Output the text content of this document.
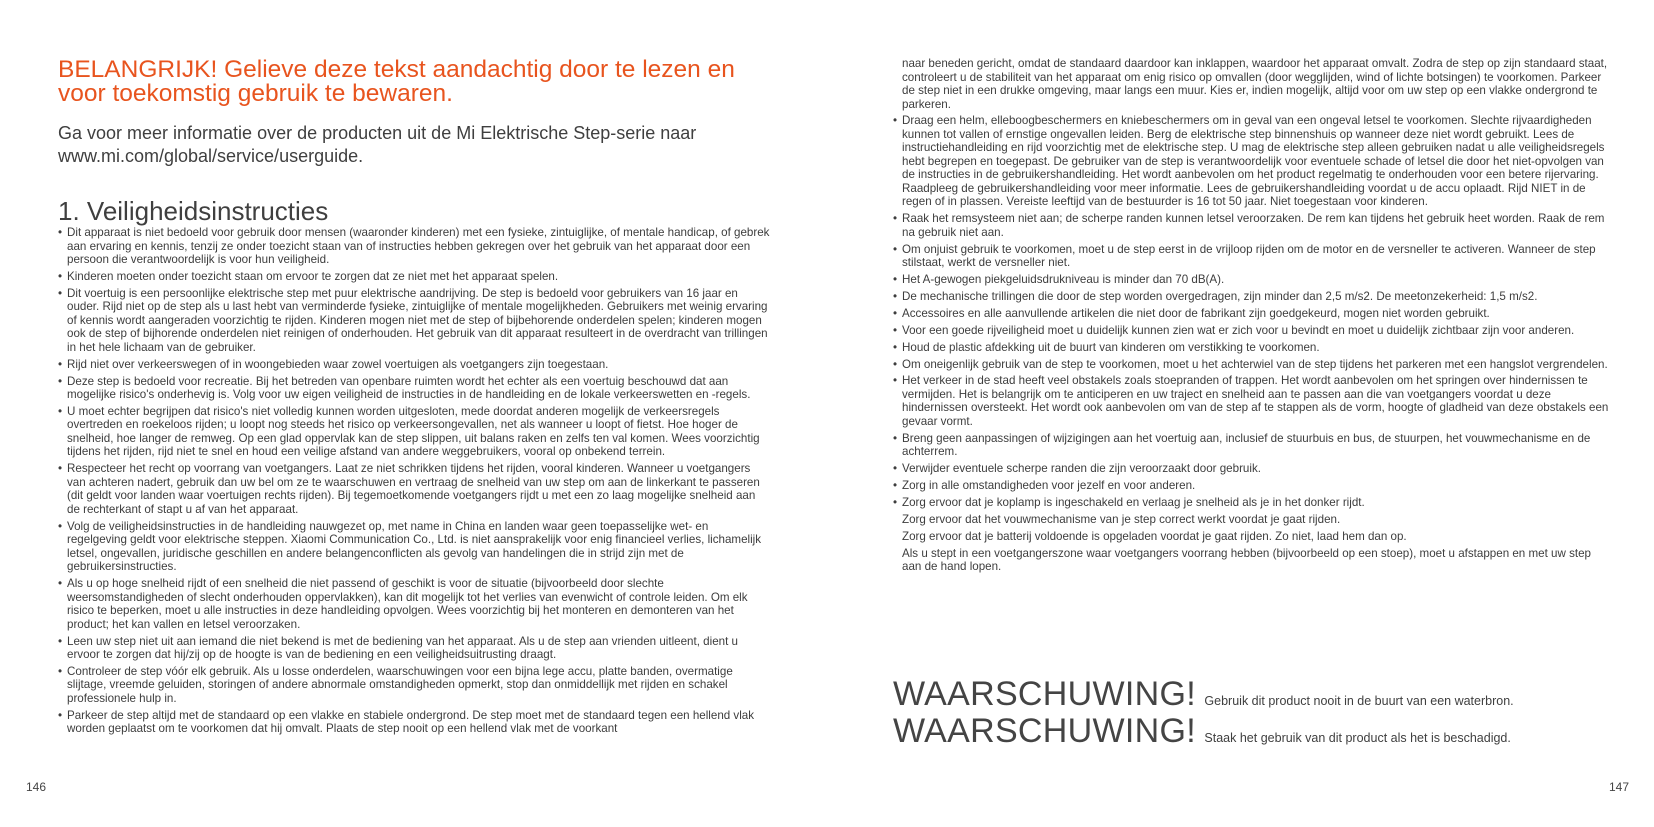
BELANGRIJK! Gelieve deze tekst aandachtig door te lezen en voor toekomstig gebruik te bewaren.

Ga voor meer informatie over de producten uit de Mi Elektrische Step-serie naar www.mi.com/global/service/userguide.

1. Veiligheidsinstructies
• Dit apparaat is niet bedoeld voor gebruik door mensen (waaronder kinderen) met een fysieke, zintuiglijke, of mentale handicap, of gebrek aan ervaring en kennis, tenzij ze onder toezicht staan van of instructies hebben gekregen over het gebruik van het apparaat door een persoon die verantwoordelijk is voor hun veiligheid.
• Kinderen moeten onder toezicht staan om ervoor te zorgen dat ze niet met het apparaat spelen.
• Dit voertuig is een persoonlijke elektrische step met puur elektrische aandrijving. De step is bedoeld voor gebruikers van 16 jaar en ouder. Rijd niet op de step als u last hebt van verminderde fysieke, zintuiglijke of mentale mogelijkheden. Gebruikers met weinig ervaring of kennis wordt aangeraden voorzichtig te rijden. Kinderen mogen niet met de step of bijbehorende onderdelen spelen; kinderen mogen ook de step of bijhorende onderdelen niet reinigen of onderhouden. Het gebruik van dit apparaat resulteert in de overdracht van trillingen in het hele lichaam van de gebruiker.
• Rijd niet over verkeerswegen of in woongebieden waar zowel voertuigen als voetgangers zijn toegestaan.
• Deze step is bedoeld voor recreatie. Bij het betreden van openbare ruimten wordt het echter als een voertuig beschouwd dat aan mogelijke risico's onderhevig is. Volg voor uw eigen veiligheid de instructies in de handleiding en de lokale verkeerswetten en -regels.
• U moet echter begrijpen dat risico's niet volledig kunnen worden uitgesloten, mede doordat anderen mogelijk de verkeersregels overtreden en roekeloos rijden; u loopt nog steeds het risico op verkeersongevallen, net als wanneer u loopt of fietst. Hoe hoger de snelheid, hoe langer de remweg. Op een glad oppervlak kan de step slippen, uit balans raken en zelfs ten val komen. Wees voorzichtig tijdens het rijden, rijd niet te snel en houd een veilige afstand van andere weggebruikers, vooral op onbekend terrein.
• Respecteer het recht op voorrang van voetgangers. Laat ze niet schrikken tijdens het rijden, vooral kinderen. Wanneer u voetgangers van achteren nadert, gebruik dan uw bel om ze te waarschuwen en vertraag de snelheid van uw step om aan de linkerkant te passeren (dit geldt voor landen waar voertuigen rechts rijden). Bij tegemoetkomende voetgangers rijdt u met een zo laag mogelijke snelheid aan de rechterkant of stapt u af van het apparaat.
• Volg de veiligheidsinstructies in de handleiding nauwgezet op, met name in China en landen waar geen toepasselijke wet- en regelgeving geldt voor elektrische steppen. Xiaomi Communication Co., Ltd. is niet aansprakelijk voor enig financieel verlies, lichamelijk letsel, ongevallen, juridische geschillen en andere belangenconflicten als gevolg van handelingen die in strijd zijn met de gebruikersinstructies.
• Als u op hoge snelheid rijdt of een snelheid die niet passend of geschikt is voor de situatie (bijvoorbeeld door slechte weersomstandigheden of slecht onderhouden oppervlakken), kan dit mogelijk tot het verlies van evenwicht of controle leiden. Om elk risico te beperken, moet u alle instructies in deze handleiding opvolgen. Wees voorzichtig bij het monteren en demonteren van het product; het kan vallen en letsel veroorzaken.
• Leen uw step niet uit aan iemand die niet bekend is met de bediening van het apparaat. Als u de step aan vrienden uitleent, dient u ervoor te zorgen dat hij/zij op de hoogte is van de bediening en een veiligheidsuitrusting draagt.
• Controleer de step vóór elk gebruik. Als u losse onderdelen, waarschuwingen voor een bijna lege accu, platte banden, overmatige slijtage, vreemde geluiden, storingen of andere abnormale omstandigheden opmerkt, stop dan onmiddellijk met rijden en schakel professionele hulp in.
• Parkeer de step altijd met de standaard op een vlakke en stabiele ondergrond. De step moet met de standaard tegen een hellend vlak worden geplaatst om te voorkomen dat hij omvalt. Plaats de step nooit op een hellend vlak met de voorkant
146
naar beneden gericht, omdat de standaard daardoor kan inklappen, waardoor het apparaat omvalt. Zodra de step op zijn standaard staat, controleert u de stabiliteit van het apparaat om enig risico op omvallen (door wegglijden, wind of lichte botsingen) te voorkomen. Parkeer de step niet in een drukke omgeving, maar langs een muur. Kies er, indien mogelijk, altijd voor om uw step op een vlakke ondergrond te parkeren.
• Draag een helm, elleboogbeschermers en kniebeschermers om in geval van een ongeval letsel te voorkomen. Slechte rijvaardigheden kunnen tot vallen of ernstige ongevallen leiden. Berg de elektrische step binnenshuis op wanneer deze niet wordt gebruikt. Lees de instructiehandleiding en rijd voorzichtig met de elektrische step. U mag de elektrische step alleen gebruiken nadat u alle veiligheidsregels hebt begrepen en toegepast. De gebruiker van de step is verantwoordelijk voor eventuele schade of letsel die door het niet-opvolgen van de instructies in de gebruikershandleiding. Het wordt aanbevolen om het product regelmatig te onderhouden voor een betere rijervaring. Raadpleeg de gebruikershandleiding voor meer informatie. Lees de gebruikershandleiding voordat u de accu oplaadt. Rijd NIET in de regen of in plassen. Vereiste leeftijd van de bestuurder is 16 tot 50 jaar. Niet toegestaan voor kinderen.
• Raak het remsysteem niet aan; de scherpe randen kunnen letsel veroorzaken. De rem kan tijdens het gebruik heet worden. Raak de rem na gebruik niet aan.
• Om onjuist gebruik te voorkomen, moet u de step eerst in de vrijloop rijden om de motor en de versneller te activeren. Wanneer de step stilstaat, werkt de versneller niet.
• Het A-gewogen piekgeluidsdrukniveau is minder dan 70 dB(A).
• De mechanische trillingen die door de step worden overgedragen, zijn minder dan 2,5 m/s2. De meetonzekerheid: 1,5 m/s2.
• Accessoires en alle aanvullende artikelen die niet door de fabrikant zijn goedgekeurd, mogen niet worden gebruikt.
• Voor een goede rijveiligheid moet u duidelijk kunnen zien wat er zich voor u bevindt en moet u duidelijk zichtbaar zijn voor anderen.
• Houd de plastic afdekking uit de buurt van kinderen om verstikking te voorkomen.
• Om oneigenlijk gebruik van de step te voorkomen, moet u het achterwiel van de step tijdens het parkeren met een hangslot vergrendelen.
• Het verkeer in de stad heeft veel obstakels zoals stoepranden of trappen. Het wordt aanbevolen om het springen over hindernissen te vermijden. Het is belangrijk om te anticiperen en uw traject en snelheid aan te passen aan die van voetgangers voordat u deze hindernissen oversteekt. Het wordt ook aanbevolen om van de step af te stappen als de vorm, hoogte of gladheid van deze obstakels een gevaar vormt.
• Breng geen aanpassingen of wijzigingen aan het voertuig aan, inclusief de stuurbuis en bus, de stuurpen, het vouwmechanisme en de achterrem.
• Verwijder eventuele scherpe randen die zijn veroorzaakt door gebruik.
• Zorg in alle omstandigheden voor jezelf en voor anderen.
• Zorg ervoor dat je koplamp is ingeschakeld en verlaag je snelheid als je in het donker rijdt.
Zorg ervoor dat het vouwmechanisme van je step correct werkt voordat je gaat rijden.
Zorg ervoor dat je batterij voldoende is opgeladen voordat je gaat rijden. Zo niet, laad hem dan op.
Als u stept in een voetgangerszone waar voetgangers voorrang hebben (bijvoorbeeld op een stoep), moet u afstappen en met uw step aan de hand lopen.
WAARSCHUWING! Gebruik dit product nooit in de buurt van een waterbron.
WAARSCHUWING! Staak het gebruik van dit product als het is beschadigd.
147
